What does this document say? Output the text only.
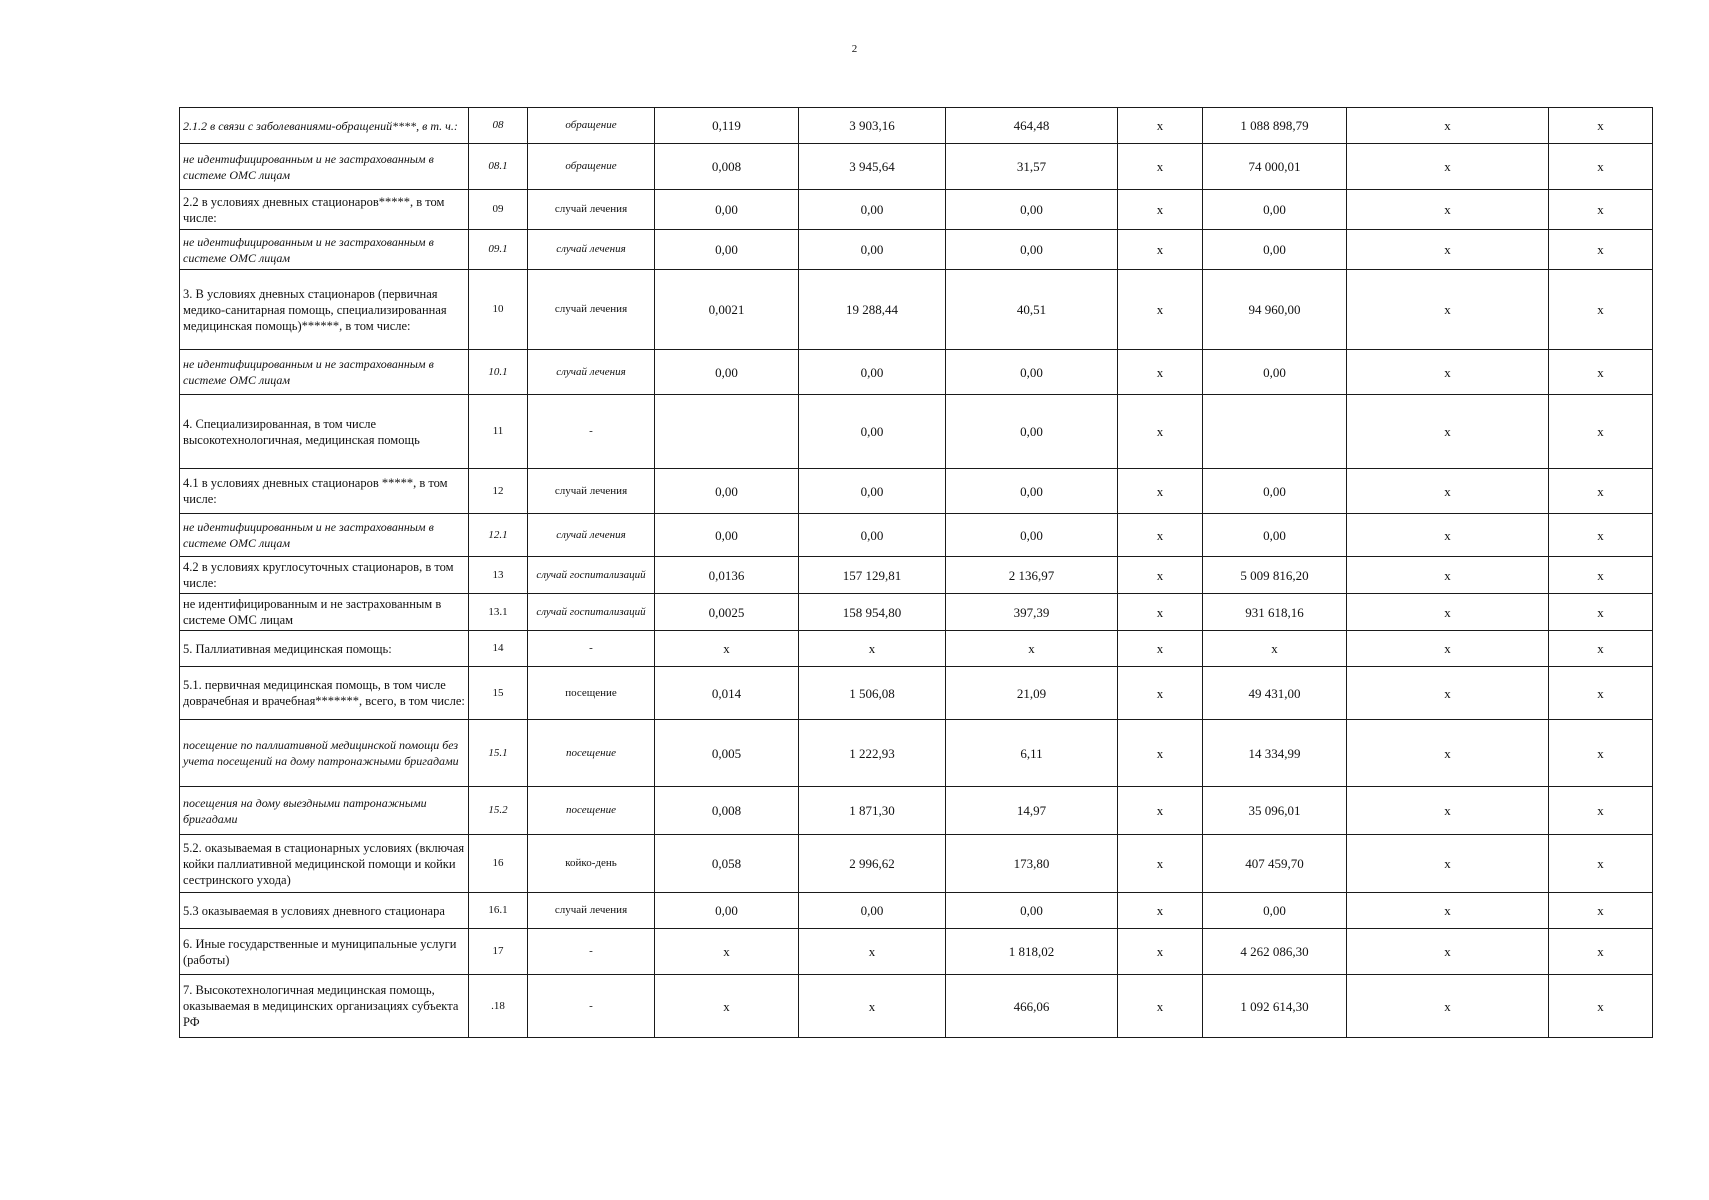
2
2.1.2 в связи с заболеваниями-обращений****, в т. ч.:	08	обращение	0,119	3 903,16	464,48	x	1 088 898,79	x	x
не идентифицированным и не застрахованным в системе ОМС лицам	08.1	обращение	0,008	3 945,64	31,57	x	74 000,01	x	x
2.2 в условиях дневных стационаров*****, в том числе:	09	случай лечения	0,00	0,00	0,00	x	0,00	x	x
не идентифицированным и не застрахованным в системе ОМС лицам	09.1	случай лечения	0,00	0,00	0,00	x	0,00	x	x
3. В условиях дневных стационаров (первичная медико-санитарная помощь, специализированная медицинская помощь)******, в том числе:	10	случай лечения	0,0021	19 288,44	40,51	x	94 960,00	x	x
не идентифицированным и не застрахованным в системе ОМС лицам	10.1	случай лечения	0,00	0,00	0,00	x	0,00	x	x
4. Специализированная, в том числе высокотехнологичная, медицинская помощь	11	-		0,00	0,00	x		x	x
4.1 в условиях дневных стационаров *****, в том числе:	12	случай лечения	0,00	0,00	0,00	x	0,00	x	x
не идентифицированным и не застрахованным в системе ОМС лицам	12.1	случай лечения	0,00	0,00	0,00	x	0,00	x	x
4.2 в условиях круглосуточных стационаров, в том числе:	13	случай госпитализаций	0,0136	157 129,81	2 136,97	x	5 009 816,20	x	x
не идентифицированным и не застрахованным в системе ОМС лицам	13.1	случай госпитализаций	0,0025	158 954,80	397,39	x	931 618,16	x	x
5. Паллиативная медицинская помощь:	14	-	x	x	x	x	x	x	x
5.1. первичная медицинская помощь, в том числе доврачебная и врачебная*******, всего, в том числе:	15	посещение	0,014	1 506,08	21,09	x	49 431,00	x	x
посещение по паллиативной медицинской помощи без учета посещений на дому патронажными бригадами	15.1	посещение	0,005	1 222,93	6,11	x	14 334,99	x	x
посещения на дому выездными патронажными бригадами	15.2	посещение	0,008	1 871,30	14,97	x	35 096,01	x	x
5.2. оказываемая в стационарных условиях (включая койки паллиативной медицинской помощи и койки сестринского ухода)	16	койко-день	0,058	2 996,62	173,80	x	407 459,70	x	x
5.3 оказываемая в условиях дневного стационара	16.1	случай лечения	0,00	0,00	0,00	x	0,00	x	x
6. Иные государственные и муниципальные услуги (работы)	17	-	x	x	1 818,02	x	4 262 086,30	x	x
7. Высокотехнологичная медицинская помощь, оказываемая в медицинских организациях субъекта РФ	.18	-	x	x	466,06	x	1 092 614,30	x	x
